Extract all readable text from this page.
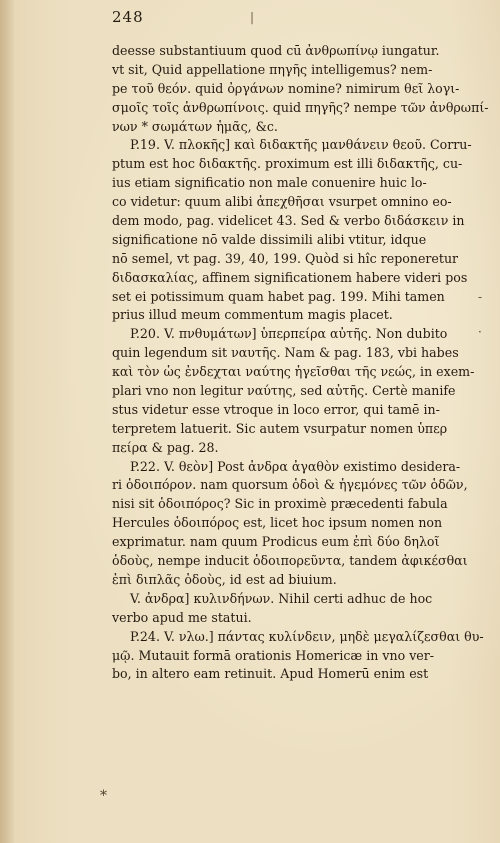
248	|
deesse substantiuum quod cū ἀνθρωπίνῳ iungatur.
vt sit, Quid appellatione πηγῆς intelligemus? nem-
pe τοῦ θεόν. quid ὀργάνων nomine? nimirum θεῖ λογι-
σμοῖς τοῖς ἀνθρωπίνοις. quid πηγῆς? nempe τῶν ἀνθρωπί-
νων * σωμάτων ἡμᾶς, &c.
P.19. V. πλοκῆς] καὶ διδακτῆς μανθάνειν θεοῦ. Corru-
ptum est hoc διδακτῆς. proximum est illi διδακτῆς, cu-
ius etiam significatio non male conuenire huic lo-
co videtur: quum alibi ἀπεχθῆσαι vsurpet omnino eo-
dem modo, pag. videlicet 43. Sed & verbo διδάσκειν in
significatione nō valde dissimili alibi vtitur, idque
nō semel, vt pag. 39, 40, 199. Quòd si hîc reponeretur
διδασκαλίας, affinem significationem habere videri pos
set ei potissimum quam habet pag. 199. Mihi tamen
prius illud meum commentum magis placet.
P.20. V. πνθυμάτων] ὑπερπείρα αὐτῆς. Non dubito
quin legendum sit ναυτῆς. Nam & pag. 183, vbi habes
καὶ τὸν ὡς ἐνδεχται ναύτης ἡγεῖσθαι τῆς νεώς, in exem-
plari vno non legitur ναύτης, sed αὐτῆς. Certè manife
stus videtur esse vtroque in loco error, qui tamē in-
terpretem latuerit. Sic autem vsurpatur nomen ὑπερ
πείρα & pag. 28.
P.22. V. θεὸν] Post ἀνδρα ἀγαθὸν existimo desidera-
ri ὁδοιπόρον. nam quorsum ὁδοὶ & ἡγεμόνες τῶν ὁδῶν,
nisi sit ὁδοιπόρος? Sic in proximè præcedenti fabula
Hercules ὁδοιπόρος est, licet hoc ipsum nomen non
exprimatur. nam quum Prodicus eum ἐπὶ δύο δηλοῖ
ὁδοὺς, nempe inducit ὁδοιπορεῦντα, tandem ἀφικέσθαι
ἐπὶ διπλᾶς ὁδοὺς, id est ad biuium.
V. ἀνδρα] κυλινδήνων. Nihil certi adhuc de hoc
verbo apud me statui.
P.24. V. νλω.] πάντας κυλίνδειν, μηδὲ μεγαλίζεσθαι θυ-
μῷ. Mutauit formā orationis Homericæ in vno ver-
bo, in altero eam retinuit. Apud Homerū enim est
*
-
·
